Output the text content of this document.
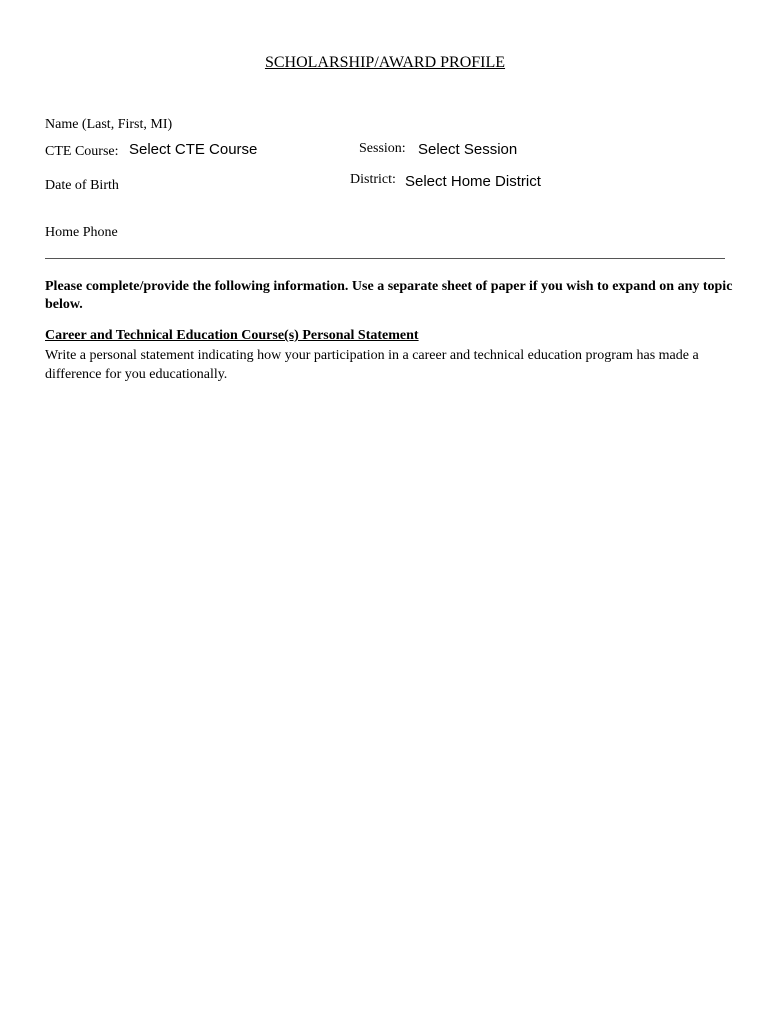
SCHOLARSHIP/AWARD PROFILE
Name (Last, First, MI)
CTE Course: Select CTE Course	Session: Select Session
District: Select Home District
Date of Birth
Home Phone
Please complete/provide the following information. Use a separate sheet of paper if you wish to expand on any topic below.
Career and Technical Education Course(s) Personal Statement
Write a personal statement indicating how your participation in a career and technical education program has made a difference for you educationally.
